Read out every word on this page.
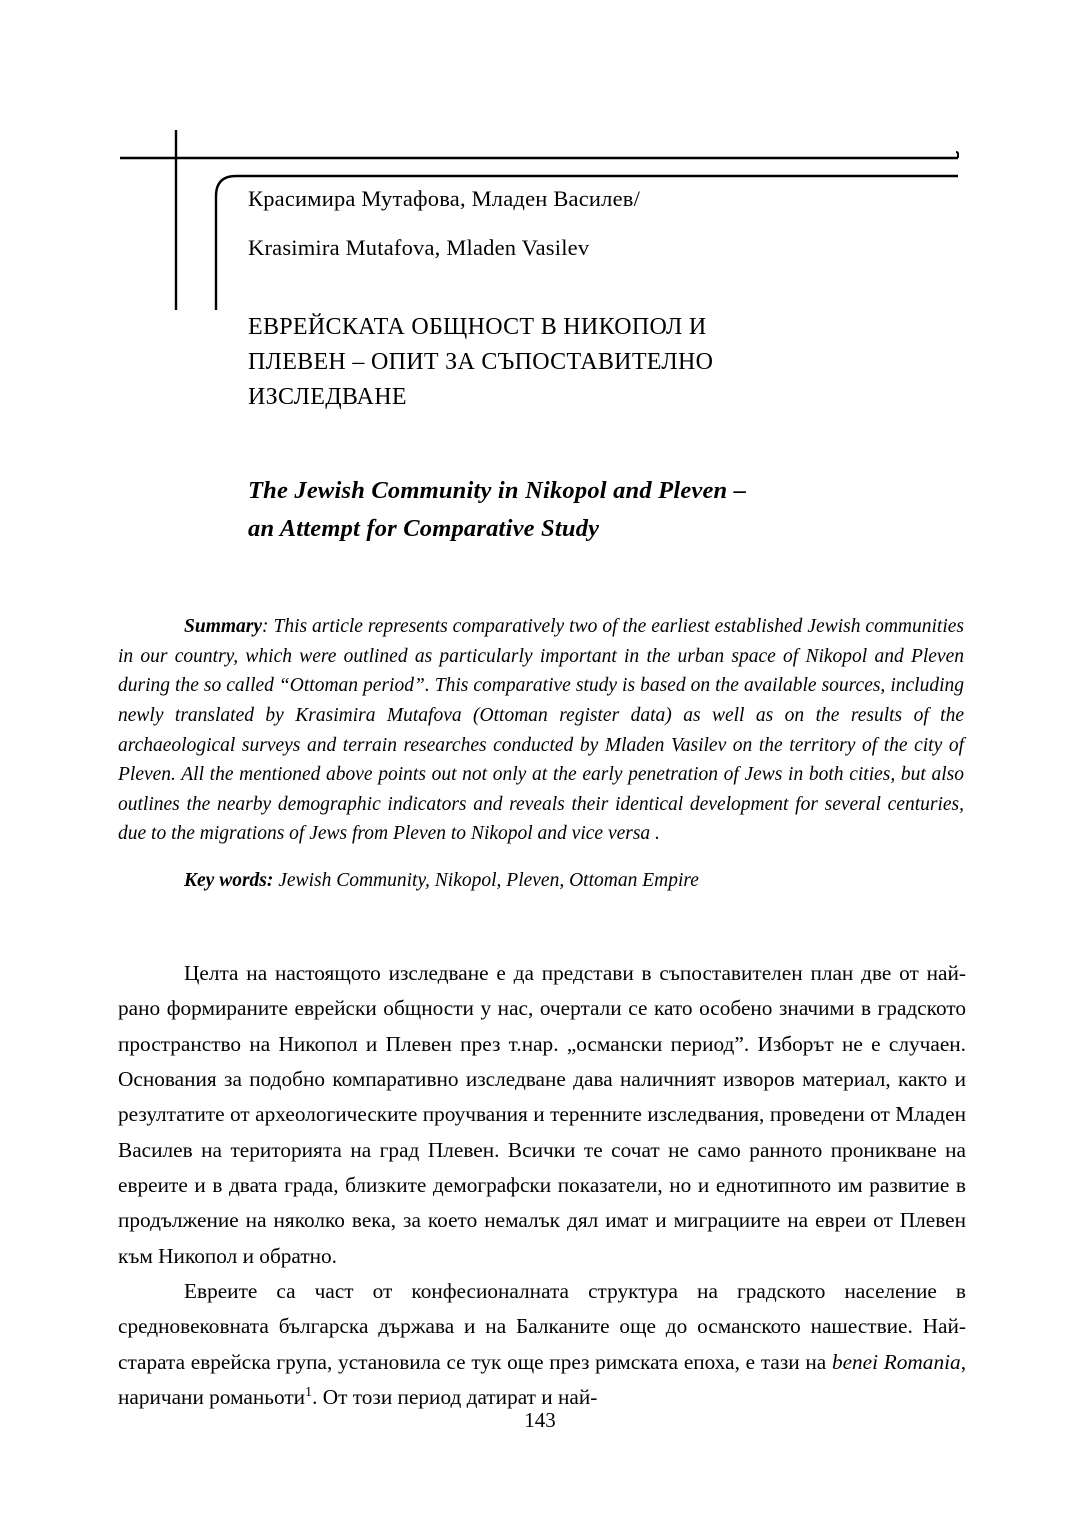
Красимира Мутафова, Младен Василев/
Krasimira Mutafova, Mladen Vasilev
ЕВРЕЙСКАТА ОБЩНОСТ В НИКОПОЛ И
ПЛЕВЕН – ОПИТ ЗА СЪПОСТАВИТЕЛНО
ИЗСЛЕДВАНЕ
The Jewish Community in Nikopol and Pleven –
an Attempt for Comparative Study
Summary: This article represents comparatively two of the earliest established Jewish communities in our country, which were outlined as particularly important in the urban space of Nikopol and Pleven during the so called “Ottoman period”. This comparative study is based on the available sources, including newly translated by Krasimira Mutafova (Ottoman register data) as well as on the results of the archaeological surveys and terrain researches conducted by Mladen Vasilev on the territory of the city of Pleven. All the mentioned above points out not only at the early penetration of Jews in both cities, but also outlines the nearby demographic indicators and reveals their identical development for several centuries, due to the migrations of Jews from Pleven to Nikopol and vice versa .
Key words: Jewish Community, Nikopol, Pleven, Ottoman Empire

Целта на настоящото изследване е да представи в съпоставителен план две от най-рано формираните еврейски общности у нас, очертали се като особено значими в градското пространство на Никопол и Плевен през т.нар. „османски период”. Изборът не е случаен. Основания за подобно компаративно изследване дава наличният изворов материал, както и резултатите от археологическите проучвания и теренните изследвания, проведени от Младен Василев на територията на град Плевен. Всички те сочат не само ранното проникване на евреите и в двата града, близките демографски показатели, но и еднотипното им развитие в продължение на няколко века, за което немалък дял имат и миграциите на евреи от Плевен към Никопол и обратно.

Евреите са част от конфесионалната структура на градското население в средновековната българска държава и на Балканите още до османското нашествие. Най-старата еврейска група, установила се тук още през римската епоха, е тази на benei Romania, наричани романьоти$^1$. От този период датират и най-

143
